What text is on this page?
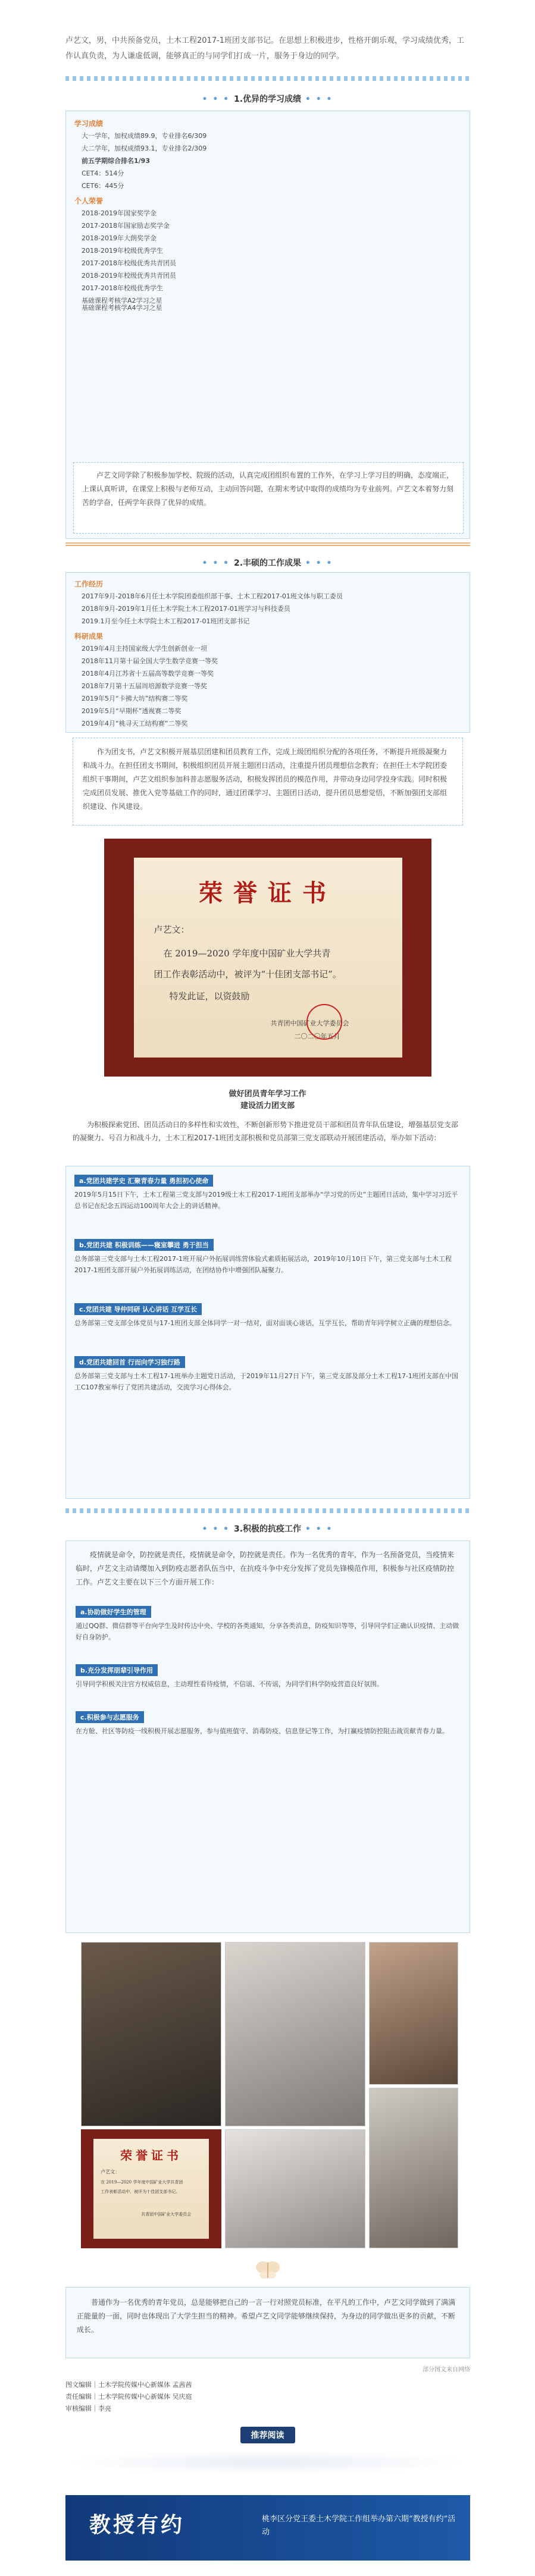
卢艺文，男，中共预备党员，土木工程2017-1班团支部书记。在思想上积极进步，性格开朗乐观，学习成绩优秀，工作认真负责，为人谦虚低调，能够真正的与同学们打成一片，服务于身边的同学。
• • • 1.优异的学习成绩 • • •
学习成绩
大一学年，加权成绩89.9，专业排名6/309
大二学年，加权成绩93.1，专业排名2/309
前五学期综合排名1/93
CET4：514分
CET6：445分
个人荣誉
2018-2019年国家奖学金
2017-2018年国家励志奖学金
2018-2019年大朗奖学金
2018-2019年校级优秀学生
2017-2018年校级优秀共青团员
2018-2019年校级优秀共青团员
2017-2018年校级优秀学生
基础课程考核学A2学习之星
基础课程考核学A4学习之星
卢艺文同学除了积极参加学校、院级的活动，认真完成团组织布置的工作外，在学习上学习目的明确，态度端正，上课认真听讲，在课堂上积极与老师互动，主动回答问题，在期末考试中取得的成绩均为专业前列。卢艺文本着努力刻苦的学奋，任两学年获得了优异的成绩。
• • • 2.丰硕的工作成果 • • •
工作经历
2017年9月-2018年6月任土木学院团委组织部干事、土木工程2017-01班文体与职工委员
2018年9月-2019年1月任土木学院土木工程2017-01班学习与科技委员
2019.1月至今任土木学院土木工程2017-01班团支部书记
科研成果
2019年4月主持国家级大学生创新创业一项
2018年11月第十届全国大学生数学竞赛一等奖
2018年4月江苏省十五届高等数学竞赛一等奖
2018年7月第十五届周培源数学竞赛一等奖
2019年5月“卡拂大坊”结构赛二等奖
2019年5月“早期杯”透视赛二等奖
2019年4月“桃寻天工结构赛”二等奖
作为团支书，卢艺文积极开展基层团建和团员教育工作，完成上级团组织分配的各项任务，不断提升班级凝聚力和战斗力。在担任团支书期间，积极组织团员开展主题团日活动，注重提升团员理想信念教育；在担任土木学院团委组织干事期间，卢艺文组织参加科普志愿服务活动，积极发挥团员的模范作用，并带动身边同学投身实践。同时积极完成团员发展、推优入党等基础工作的同时，通过团课学习、主题团日活动，提升团员思想觉悟，不断加强团支部组织建设、作风建设。
荣誉证书
卢艺文：
在 2019—2020 学年度中国矿业大学共青
团工作表彰活动中，被评为“十佳团支部书记”。
特发此证，以资鼓励
共青团中国矿业大学委员会
二〇二〇年五月
做好团员青年学习工作
建设活力团支部
为积极探索党团、团员活动日的多样性和实效性，不断创新形势下推进党员干部和团员青年队伍建设，增强基层党支部的凝聚力、号召力和战斗力，土木工程2017-1班团支部积极和党员部第三党支部联动开展团建活动，举办如下活动：
a.党团共建学史 汇聚青春力量 勇担初心使命
2019年5月15日下午，土木工程第三党支部与2019级土木工程2017-1班团支部举办“学习党的历史”主题团日活动，集中学习习近平总书记在纪念五四运动100周年大会上的讲话精神。
b.党团共建 积极训练——寝室攀进 勇于担当
总务部第三党支部与土木工程2017-1班开展户外拓展训练营体验式素质拓展活动，2019年10月10日下午，第三党支部与土木工程2017-1班团支部开展户外拓展训练活动，在团结协作中增强团队凝聚力。
c.党团共建 导仲同研 认心讲话 互学互长
总务部第三党支部全体党员与17-1班团支部全体同学一对一结对，面对面谈心谈话，互学互长，帮助青年同学树立正确的理想信念。
d.党团共建回首 行而向学习独行路
总务部第三党支部与土木工程17-1班举办主题党日活动，于2019年11月27日下午，第三党支部及部分土木工程17-1班团支部在中国工C107教室举行了党团共建活动，交流学习心得体会。
• • • 3.积极的抗疫工作 • • •
疫情就是命令，防控就是责任，疫情就是命令，防控就是责任。作为一名优秀的青年，作为一名预备党员，当疫情来临时，卢艺文主动请缨加入到防疫志愿者队伍当中，在抗疫斗争中充分发挥了党员先锋模范作用，积极参与社区疫情防控工作。卢艺文主要在以下三个方面开展工作：
a.协助做好学生的管理
通过QQ群、微信群等平台向学生及时传达中央、学校的各类通知，分享各类消息，防疫知识等等，引导同学们正确认识疫情、主动做好自身防护。
b.充分发挥朋辈引导作用
引导同学积极关注官方权威信息，主动理性看待疫情，不信谣、不传谣，为同学们科学防疫营造良好氛围。
c.积极参与志愿服务
在方舱、社区等防疫一线积极开展志愿服务，参与值班值守、消毒防疫、信息登记等工作，为打赢疫情防控阻击战贡献青春力量。
荣誉证书
卢艺文：
在 2019—2020 学年度中国矿业大学共青团
工作表彰活动中，被评为十佳团支部书记。
共青团中国矿业大学委员会
普通作为一名优秀的青年党员，总是能够把自己的一言一行对照党员标准，在平凡的工作中，卢艺文同学做到了满满正能量的一面，同时也体现出了大学生担当的精神。希望卢艺文同学能够继续保持，为身边的同学做出更多的贡献，不断成长。
部分图文来自网络
图文编辑｜土木学院传媒中心新媒体 孟茜茜
责任编辑｜土木学院传媒中心新媒体 吴庆庭
审核编辑｜李亮
推荐阅读
教授有约	桃李区分党王委土木学院工作组举办第六期“教授有约”活动
